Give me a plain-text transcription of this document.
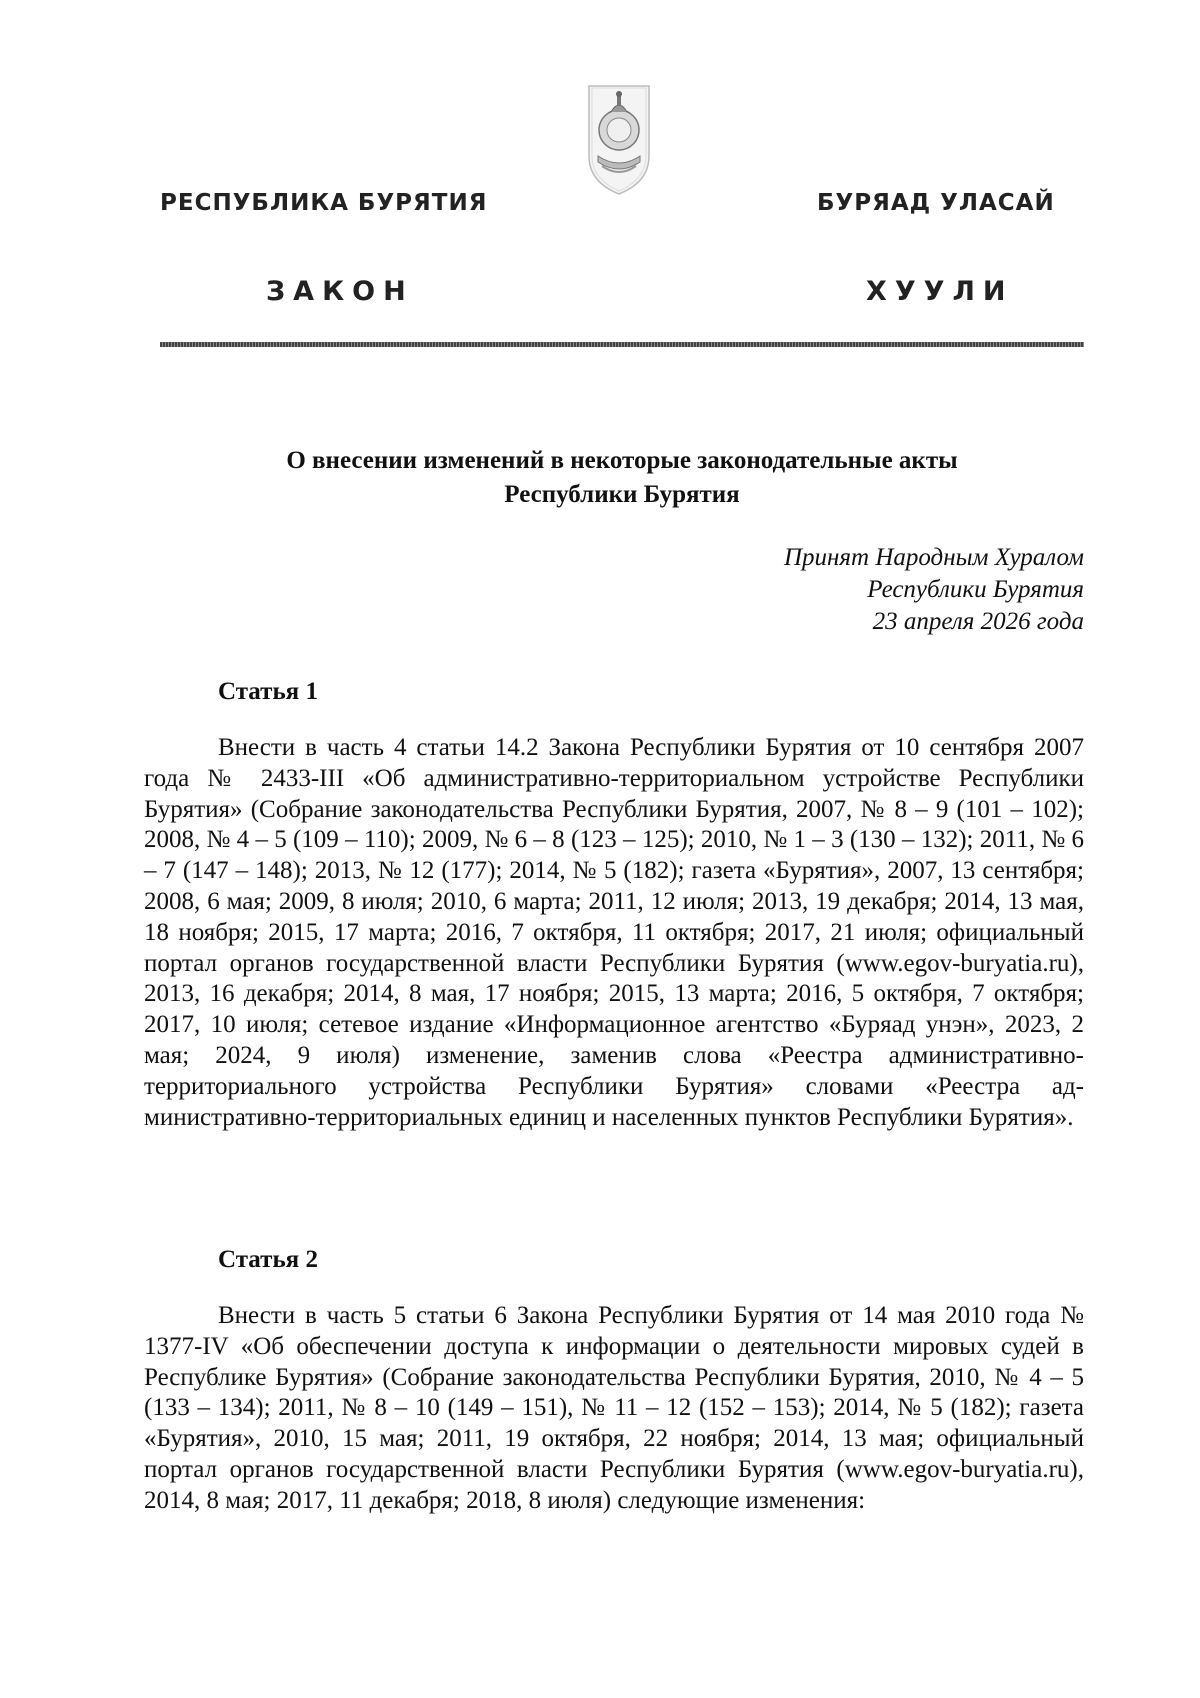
РЕСПУБЛИКА БУРЯТИЯ	БУРЯАД УЛАСАЙ
ЗАКОН	ХУУЛИ
О внесении изменений в некоторые законодательные акты
Республики Бурятия
Принят Народным Хуралом
Республики Бурятия
23 апреля 2026 года
Статья 1
Внести в часть 4 статьи 14.2 Закона Республики Бурятия от 10 сентября 2007 года № 2433-III «Об административно-территориальном устройстве Республики Бурятия» (Собрание законодательства Республики Бурятия, 2007, № 8 – 9 (101 – 102); 2008, № 4 – 5 (109 – 110); 2009, № 6 – 8 (123 – 125); 2010, № 1 – 3 (130 – 132); 2011, № 6 – 7 (147 – 148); 2013, № 12 (177); 2014, № 5 (182); газета «Бурятия», 2007, 13 сентября; 2008, 6 мая; 2009, 8 июля; 2010, 6 марта; 2011, 12 июля; 2013, 19 декабря; 2014, 13 мая, 18 ноября; 2015, 17 марта; 2016, 7 октября, 11 октября; 2017, 21 июля; официальный портал органов государственной власти Республики Бурятия (www.egov-buryatia.ru), 2013, 16 декабря; 2014, 8 мая, 17 ноября; 2015, 13 марта; 2016, 5 октября, 7 октября; 2017, 10 июля; сетевое издание «Информационное агентство «Буряад унэн», 2023, 2 мая; 2024, 9 июля) изменение, заменив слова «Реестра административно-территориального устройства Республики Бурятия» словами «Реестра административно-территориальных единиц и населенных пунктов Республики Бурятия».
Статья 2
Внести в часть 5 статьи 6 Закона Республики Бурятия от 14 мая 2010 года № 1377-IV «Об обеспечении доступа к информации о деятельности мировых судей в Республике Бурятия» (Собрание законодательства Республики Бурятия, 2010, № 4 – 5 (133 – 134); 2011, № 8 – 10 (149 – 151), № 11 – 12 (152 – 153); 2014, № 5 (182); газета «Бурятия», 2010, 15 мая; 2011, 19 октября, 22 ноября; 2014, 13 мая; официальный портал органов государственной власти Республики Бурятия (www.egov-buryatia.ru), 2014, 8 мая; 2017, 11 декабря; 2018, 8 июля) следующие изменения:
